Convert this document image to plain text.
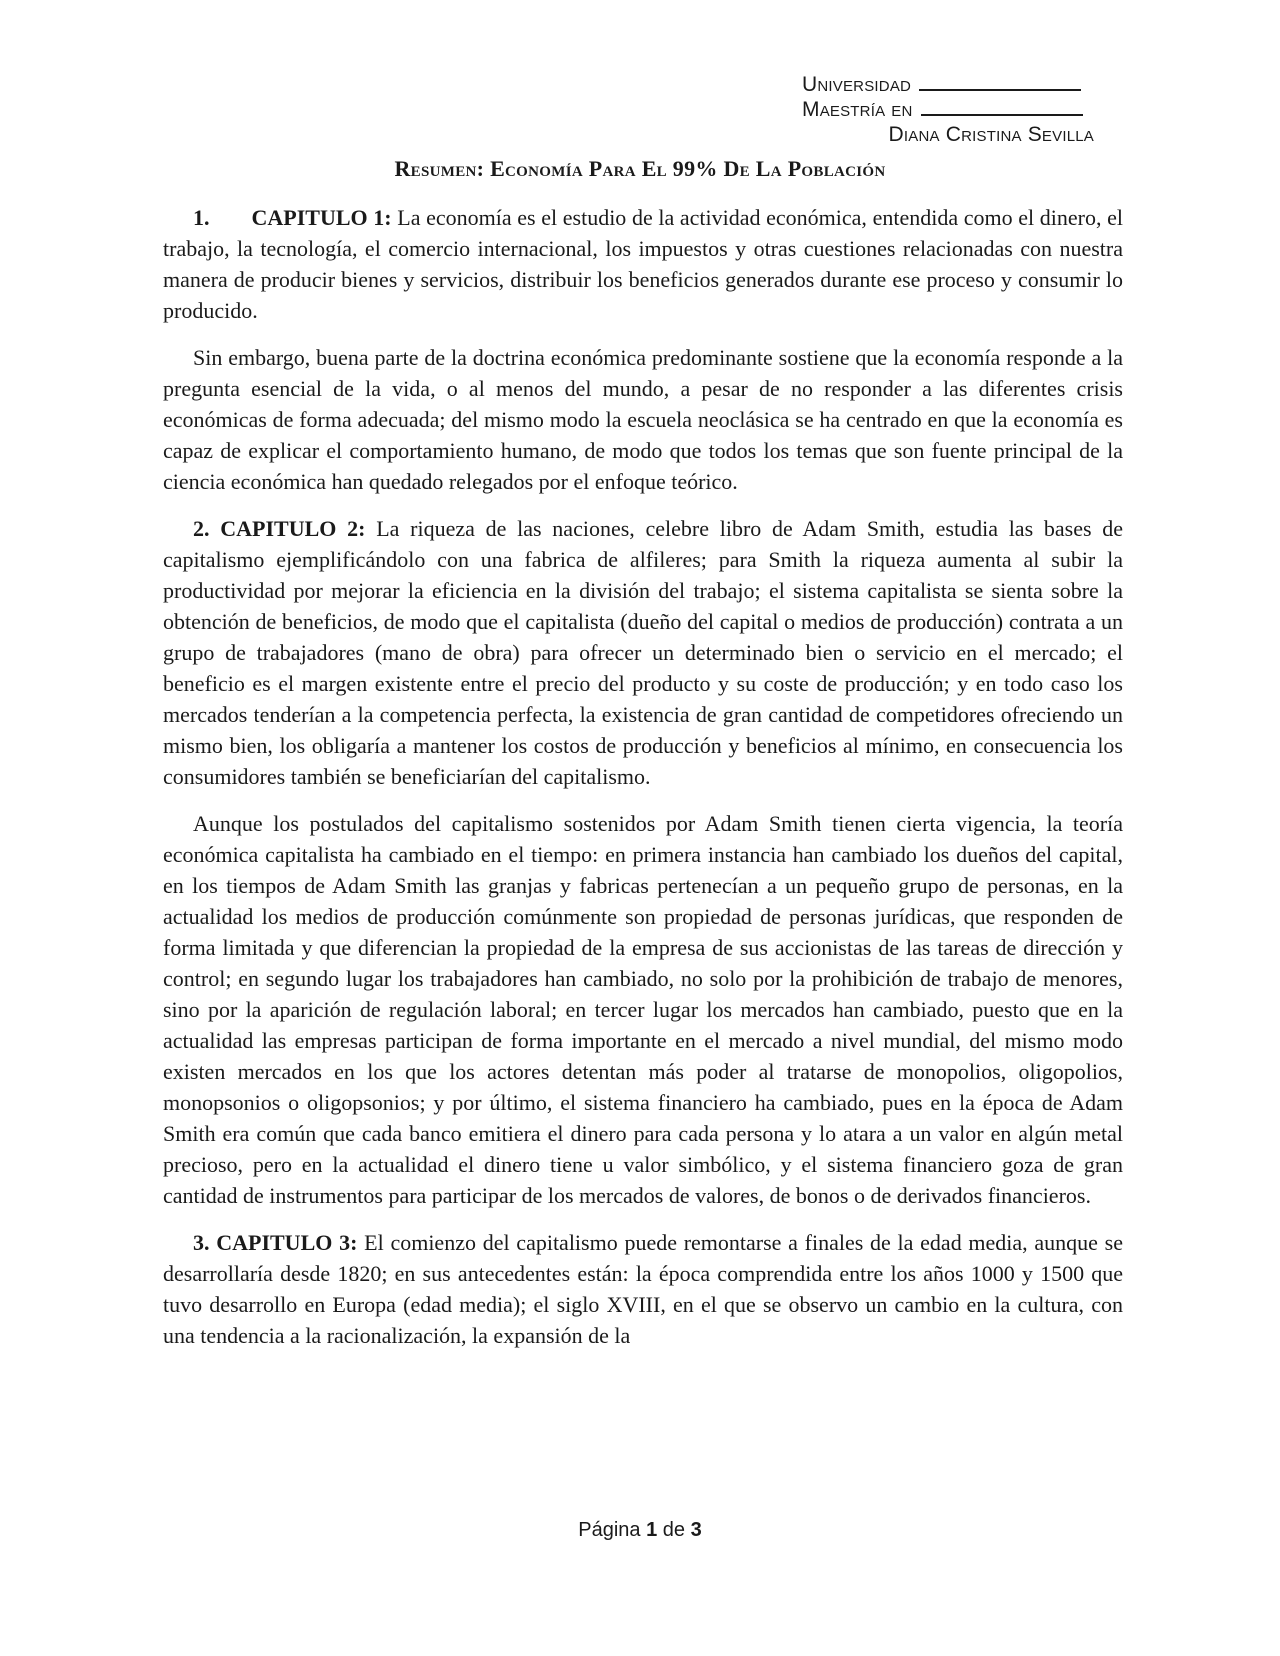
Universidad
Maestría en
Diana Cristina Sevilla
Resumen: Economía Para El 99% De La Población

1. CAPITULO 1: La economía es el estudio de la actividad económica, entendida como el dinero, el trabajo, la tecnología, el comercio internacional, los impuestos y otras cuestiones relacionadas con nuestra manera de producir bienes y servicios, distribuir los beneficios generados durante ese proceso y consumir lo producido.

Sin embargo, buena parte de la doctrina económica predominante sostiene que la economía responde a la pregunta esencial de la vida, o al menos del mundo, a pesar de no responder a las diferentes crisis económicas de forma adecuada; del mismo modo la escuela neoclásica se ha centrado en que la economía es capaz de explicar el comportamiento humano, de modo que todos los temas que son fuente principal de la ciencia económica han quedado relegados por el enfoque teórico.

2. CAPITULO 2: La riqueza de las naciones, celebre libro de Adam Smith, estudia las bases de capitalismo ejemplificándolo con una fabrica de alfileres; para Smith la riqueza aumenta al subir la productividad por mejorar la eficiencia en la división del trabajo; el sistema capitalista se sienta sobre la obtención de beneficios, de modo que el capitalista (dueño del capital o medios de producción) contrata a un grupo de trabajadores (mano de obra) para ofrecer un determinado bien o servicio en el mercado; el beneficio es el margen existente entre el precio del producto y su coste de producción; y en todo caso los mercados tenderían a la competencia perfecta, la existencia de gran cantidad de competidores ofreciendo un mismo bien, los obligaría a mantener los costos de producción y beneficios al mínimo, en consecuencia los consumidores también se beneficiarían del capitalismo.

Aunque los postulados del capitalismo sostenidos por Adam Smith tienen cierta vigencia, la teoría económica capitalista ha cambiado en el tiempo: en primera instancia han cambiado los dueños del capital, en los tiempos de Adam Smith las granjas y fabricas pertenecían a un pequeño grupo de personas, en la actualidad los medios de producción comúnmente son propiedad de personas jurídicas, que responden de forma limitada y que diferencian la propiedad de la empresa de sus accionistas de las tareas de dirección y control; en segundo lugar los trabajadores han cambiado, no solo por la prohibición de trabajo de menores, sino por la aparición de regulación laboral; en tercer lugar los mercados han cambiado, puesto que en la actualidad las empresas participan de forma importante en el mercado a nivel mundial, del mismo modo existen mercados en los que los actores detentan más poder al tratarse de monopolios, oligopolios, monopsonios o oligopsonios; y por último, el sistema financiero ha cambiado, pues en la época de Adam Smith era común que cada banco emitiera el dinero para cada persona y lo atara a un valor en algún metal precioso, pero en la actualidad el dinero tiene u valor simbólico, y el sistema financiero goza de gran cantidad de instrumentos para participar de los mercados de valores, de bonos o de derivados financieros.

3. CAPITULO 3: El comienzo del capitalismo puede remontarse a finales de la edad media, aunque se desarrollaría desde 1820; en sus antecedentes están: la época comprendida entre los años 1000 y 1500 que tuvo desarrollo en Europa (edad media); el siglo XVIII, en el que se observo un cambio en la cultura, con una tendencia a la racionalización, la expansión de la

Página 1 de 3
